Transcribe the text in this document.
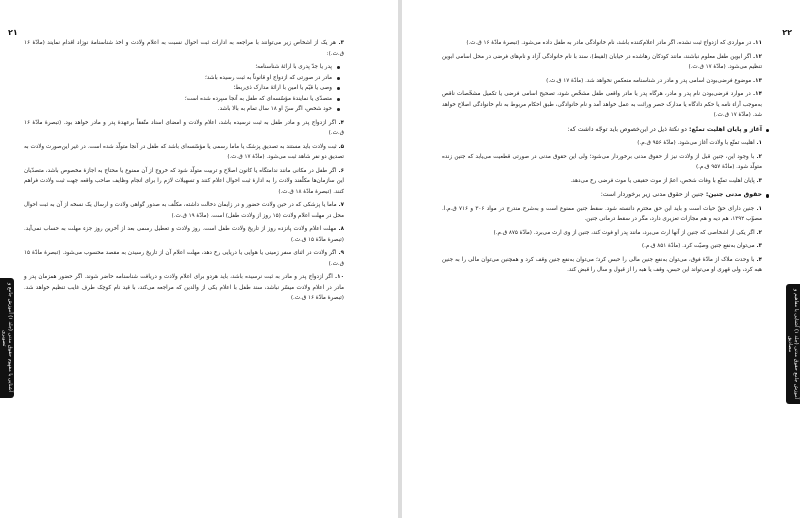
۲۱

۳. هر یک از اشخاص زیر می‌توانند با مراجعه به ادارات ثبت احوال نسبت به اعلام ولادت و اخذ شناسنامهٔ نوزاد اقدام نمایند (مادّهٔ ۱۶ ق.ث.):

پدر یا جدّ پدری با ارائهٔ شناسنامه؛
مادر در صورتی که ازدواج او قانوناً به ثبت رسیده باشد؛
وصی یا قیّم یا امین با ارائهٔ مدارک ذی‌ربط؛
متصدّی یا نمایندهٔ مؤسّسه‌ای که طفل به آنجا سپرده شده است؛
خود شخص، اگر سنّ او ۱۸ سال تمام به بالا باشد.

۴. اگر ازدواج پدر و مادر طفل به ثبت نرسیده باشد، اعلام ولادت و امضای اسناد متّفقاً برعهدهٔ پدر و مادر خواهد بود. (تبصرهٔ مادّهٔ ۱۶ ق.ث.)

۵. ثبت ولادت باید مستند به تصدیق پزشک یا ماما رسمی یا مؤسّسه‌ای باشد که طفل در آنجا متولّد شده است. در غیر این‌صورت ولادت به تصدیق دو نفر شاهد ثبت می‌شود. (مادّهٔ ۱۷ ق.ث.)

۶. اگر طفل در مکانی مانند ندامتگاه یا کانون اصلاح و تربیت متولّد شود که خروج از آن ممنوع یا محتاج به اجازهٔ مخصوص باشد، متصدّیان این سازمان‌ها مکلّفند ولادت را به ادارهٔ ثبت احوال اعلام کنند و تسهیلات لازم را برای انجام وظایف صاحب واقعه جهت ثبت ولادت فراهم کنند. (تبصرهٔ مادّهٔ ۱۸ ق.ث.)

۷. ماما یا پزشکی که در حین ولادت حضور و در زایمان دخالت داشته، مکلّف به صدور گواهی ولادت و ارسال یک نسخه از آن به ثبت احوال محل در مهلت اعلام ولادت (۱۵ روز از ولادت طفل) است. (مادّهٔ ۱۹ ق.ث.)

۸. مهلت اعلام ولادت پانزده روز از تاریخ ولادت طفل است. روز ولادت و تعطیل رسمی بعد از آخرین روز جزء مهلت به حساب نمی‌آید. (تبصرهٔ مادّهٔ ۱۵ ق.ث.)

۹. اگر ولادت در اثنای سفر زمینی یا هوایی یا دریایی رخ دهد، مهلت اعلام آن از تاریخ رسیدن به مقصد محسوب می‌شود. (تبصرهٔ مادّهٔ ۱۵ ق.ث.)

۱۰. اگر ازدواج پدر و مادر به ثبت نرسیده باشد، باید هردو برای اعلام ولادت و دریافت شناسنامه حاضر شوند. اگر حضور همزمان پدر و مادر در اعلام ولادت میسّر نباشد، سند طفل با اعلام یکی از والدین که مراجعه می‌کند، با قید نام کوچک طرف غایب تنظیم خواهد شد. (تبصرهٔ مادّهٔ ۱۶ ق.ث.)

آشنایی با مفهوم حقوق مدنی (جلد ۱) آموزش جامع و تصویری
۲۲

۱۱. در مواردی که ازدواج ثبت نشده، اگر مادر اعلام‌کننده باشد، نام خانوادگی مادر به طفل داده می‌شود. (تبصرهٔ مادّهٔ ۱۶ ق.ث.)

۱۲. اگر ابوین طفل معلوم نباشند، مانند کودکان رهاشده در خیابان (لقیط)، سند با نام خانوادگی آزاد و نام‌های فرضی در محل اسامی ابوین تنظیم می‌شود. (مادّهٔ ۱۷ ق.ث.)

۱۳. موضوع فرضی‌بودن اسامی پدر و مادر در شناسنامه منعکس نخواهد شد. (مادّهٔ ۱۷ ق.ث.)

۱۴. در موارد فرضی‌بودن نام پدر و مادر، هرگاه پدر یا مادر واقعی طفل مشخّص شود، تصحیح اسامی فرضی یا تکمیل مشخّصات ناقص به‌موجب آرا‌ء نامه یا حکم دادگاه یا مدارک حصر وراثت به عمل خواهد آمد و نام خانوادگی، طبق احکام مربوط به نام خانوادگی اصلاح خواهد شد. (مادّهٔ ۱۷ ق.ث.)

آغاز و پایان اهلیت تمتّع: دو نکتهٔ ذیل در این‌خصوص باید توجّه داشت که:

۱. اهلیت تمتّع با ولادت آغاز می‌شود. (مادّهٔ ۹۵۶ ق.م.)

۲. با وجود این، جنین قبل از ولادت نیز از حقوق مدنی برخوردار می‌شود؛ ولی این حقوق مدنی در صورتی قطعیت می‌یابد که جنین زنده متولّد شود. (مادّهٔ ۹۵۷ ق.م.)

۳. پایان اهلیت تمتّع با وفات شخص، اعمّ از موت حقیقی یا موت فرضی رخ می‌دهد.

حقوق مدنی جنین: جنین از حقوق مدنی زیر برخوردار است:

۱. جنین دارای حقّ حیات است و باید این حق محترم دانسته شود. سقط جنین ممنوع است و به‌شرح مندرج در مواد ۳۰۶ و ۷۱۶ ق.م.ا. مصوّب ۱۳۹۲، هم دیه و هم مجازات تعزیری دارد، مگر در سقط درمانی جنین.

۲. اگر یکی از اشخاصی که جنین از آنها ارث می‌برد، مانند پدر او فوت کند، جنین از وی ارث می‌برد. (مادّهٔ ۸۷۵ ق.م.)

۳. می‌توان به‌نفع جنین وصیّت کرد. (مادّهٔ ۸۵۱ ق.م.)

۴. با وحدت ملاک از مادّهٔ فوق، می‌توان به‌نفع جنین مالی را حبس کرد؛ می‌توان به‌نفع جنین وقف کرد و همچنین می‌توان مالی را به جنین هبه کرد، ولی قهری او می‌تواند این حبس، وقف یا هبه را از قبول و سال را قبض کند.

آموزش جامع حقوق مدنی (جلد ۱) آشنایی با مفاهیم و مصادیق
